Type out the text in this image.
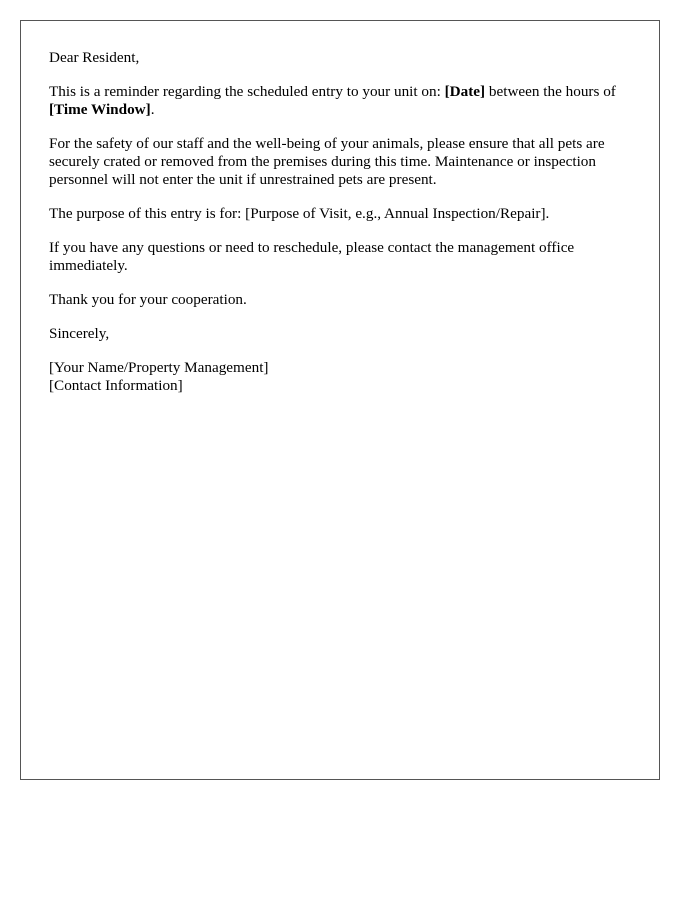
Dear Resident,

This is a reminder regarding the scheduled entry to your unit on: [Date] between the hours of [Time Window].

For the safety of our staff and the well-being of your animals, please ensure that all pets are securely crated or removed from the premises during this time. Maintenance or inspection personnel will not enter the unit if unrestrained pets are present.

The purpose of this entry is for: [Purpose of Visit, e.g., Annual Inspection/Repair].

If you have any questions or need to reschedule, please contact the management office immediately.

Thank you for your cooperation.

Sincerely,

[Your Name/Property Management]

[Contact Information]
